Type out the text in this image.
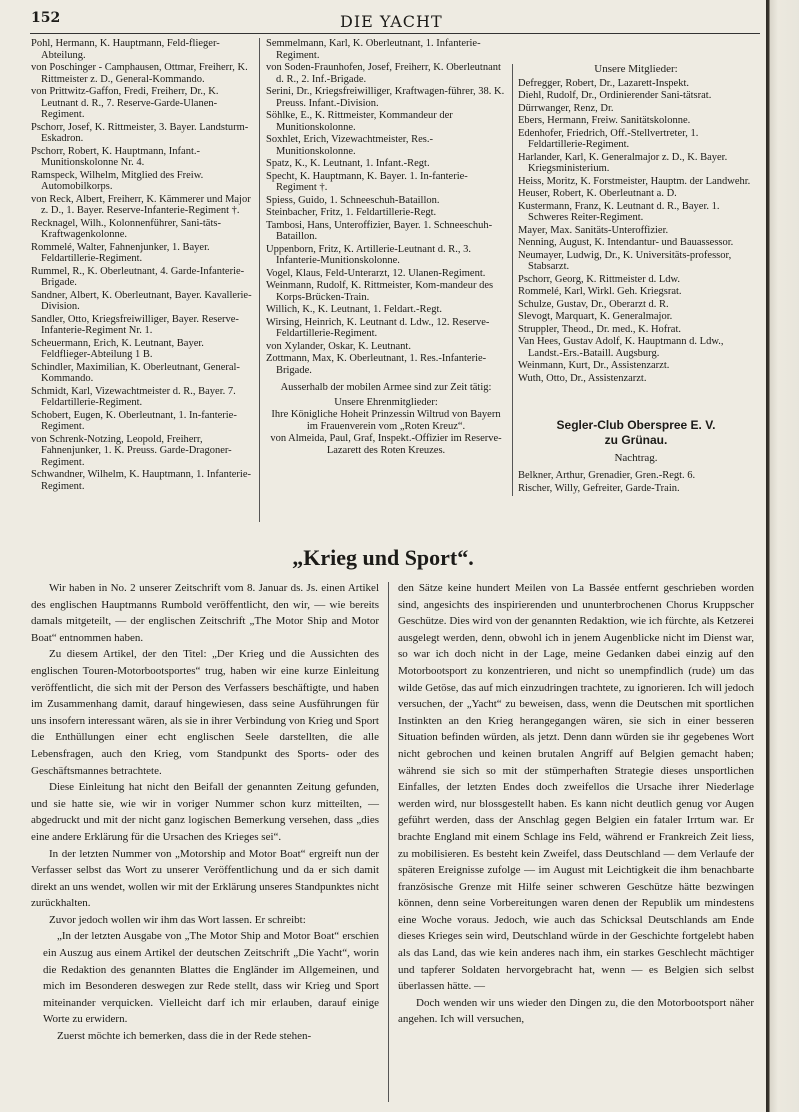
152	DIE YACHT

Pohl, Hermann, K. Hauptmann, Feld-flieger-Abteilung.

von Poschinger - Camphausen, Ottmar, Freiherr, K. Rittmeister z. D., General-Kommando.

von Prittwitz-Gaffon, Fredi, Freiherr, Dr., K. Leutnant d. R., 7. Reserve-Garde-Ulanen-Regiment.

Pschorr, Josef, K. Rittmeister, 3. Bayer. Landsturm-Eskadron.

Pschorr, Robert, K. Hauptmann, Infant.-Munitionskolonne Nr. 4.

Ramspeck, Wilhelm, Mitglied des Freiw. Automobilkorps.

von Reck, Albert, Freiherr, K. Kämmerer und Major z. D., 1. Bayer. Reserve-Infanterie-Regiment †.

Recknagel, Wilh., Kolonnenführer, Sani-täts-Kraftwagenkolonne.

Rommelé, Walter, Fahnenjunker, 1. Bayer. Feldartillerie-Regiment.

Rummel, R., K. Oberleutnant, 4. Garde-Infanterie-Brigade.

Sandner, Albert, K. Oberleutnant, Bayer. Kavallerie-Division.

Sandler, Otto, Kriegsfreiwilliger, Bayer. Reserve-Infanterie-Regiment Nr. 1.

Scheuermann, Erich, K. Leutnant, Bayer. Feldflieger-Abteilung 1 B.

Schindler, Maximilian, K. Oberleutnant, General-Kommando.

Schmidt, Karl, Vizewachtmeister d. R., Bayer. 7. Feldartillerie-Regiment.

Schobert, Eugen, K. Oberleutnant, 1. In-fanterie-Regiment.

von Schrenk-Notzing, Leopold, Freiherr, Fahnenjunker, 1. K. Preuss. Garde-Dragoner-Regiment.

Schwandner, Wilhelm, K. Hauptmann, 1. Infanterie-Regiment.

Semmelmann, Karl, K. Oberleutnant, 1. Infanterie-Regiment.

von Soden-Fraunhofen, Josef, Freiherr, K. Oberleutnant d. R., 2. Inf.-Brigade.

Serini, Dr., Kriegsfreiwilliger, Kraftwagen-führer, 38. K. Preuss. Infant.-Division.

Söhlke, E., K. Rittmeister, Kommandeur der Munitionskolonne.

Soxhlet, Erich, Vizewachtmeister, Res.-Munitionskolonne.

Spatz, K., K. Leutnant, 1. Infant.-Regt.

Specht, K. Hauptmann, K. Bayer. 1. In-fanterie-Regiment †.

Spiess, Guido, 1. Schneeschuh-Bataillon.

Steinbacher, Fritz, 1. Feldartillerie-Regt.

Tambosi, Hans, Unteroffizier, Bayer. 1. Schneeschuh-Bataillon.

Uppenborn, Fritz, K. Artillerie-Leutnant d. R., 3. Infanterie-Munitionskolonne.

Vogel, Klaus, Feld-Unterarzt, 12. Ulanen-Regiment.

Weinmann, Rudolf, K. Rittmeister, Kom-mandeur des Korps-Brücken-Train.

Willich, K., K. Leutnant, 1. Feldart.-Regt.

Wirsing, Heinrich, K. Leutnant d. Ldw., 12. Reserve-Feldartillerie-Regiment.

von Xylander, Oskar, K. Leutnant.

Zottmann, Max, K. Oberleutnant, 1. Res.-Infanterie-Brigade.

Ausserhalb der mobilen Armee sind zur Zeit tätig:

Unsere Ehrenmitglieder:

Ihre Königliche Hoheit Prinzessin Wiltrud von Bayern im Frauenverein vom „Roten Kreuz“.

von Almeida, Paul, Graf, Inspekt.-Offizier im Reserve-Lazarett des Roten Kreuzes.

Unsere Mitglieder:

Defregger, Robert, Dr., Lazarett-Inspekt.

Diehl, Rudolf, Dr., Ordinierender Sani-tätsrat.

Dürrwanger, Renz, Dr.

Ebers, Hermann, Freiw. Sanitätskolonne.

Edenhofer, Friedrich, Off.-Stellvertreter, 1. Feldartillerie-Regiment.

Harlander, Karl, K. Generalmajor z. D., K. Bayer. Kriegsministerium.

Heiss, Moritz, K. Forstmeister, Hauptm. der Landwehr.

Heuser, Robert, K. Oberleutnant a. D.

Kustermann, Franz, K. Leutnant d. R., Bayer. 1. Schweres Reiter-Regiment.

Mayer, Max. Sanitäts-Unteroffizier.

Nenning, August, K. Intendantur- und Bauassessor.

Neumayer, Ludwig, Dr., K. Universitäts-professor, Stabsarzt.

Pschorr, Georg, K. Rittmeister d. Ldw.

Rommelé, Karl, Wirkl. Geh. Kriegsrat.

Schulze, Gustav, Dr., Oberarzt d. R.

Slevogt, Marquart, K. Generalmajor.

Struppler, Theod., Dr. med., K. Hofrat.

Van Hees, Gustav Adolf, K. Hauptmann d. Ldw., Landst.-Ers.-Bataill. Augsburg.

Weinmann, Kurt, Dr., Assistenzarzt.

Wuth, Otto, Dr., Assistenzarzt.

Segler-Club Oberspree E. V.
zu Grünau.
Nachtrag.

Belkner, Arthur, Grenadier, Gren.-Regt. 6.

Rischer, Willy, Gefreiter, Garde-Train.

„Krieg und Sport“.

Wir haben in No. 2 unserer Zeitschrift vom 8. Januar ds. Js. einen Artikel des englischen Hauptmanns Rumbold veröffentlicht, den wir, — wie bereits damals mitgeteilt, — der englischen Zeitschrift „The Motor Ship and Motor Boat“ entnommen haben.

Zu diesem Artikel, der den Titel: „Der Krieg und die Aussichten des englischen Touren-Motorbootsportes“ trug, haben wir eine kurze Einleitung veröffentlicht, die sich mit der Person des Verfassers beschäftigte, und haben im Zusammenhang damit, darauf hingewiesen, dass seine Ausführungen für uns insofern interessant wären, als sie in ihrer Verbindung von Krieg und Sport die Enthüllungen einer echt englischen Seele darstellten, die alle Lebensfragen, auch den Krieg, vom Standpunkt des Sports- oder des Geschäftsmannes betrachtete.

Diese Einleitung hat nicht den Beifall der genannten Zeitung gefunden, und sie hatte sie, wie wir in voriger Nummer schon kurz mitteilten, — abgedruckt und mit der nicht ganz logischen Bemerkung versehen, dass „dies eine andere Erklärung für die Ursachen des Krieges sei“.

In der letzten Nummer von „Motorship and Motor Boat“ ergreift nun der Verfasser selbst das Wort zu unserer Veröffentlichung und da er sich damit direkt an uns wendet, wollen wir mit der Erklärung unseres Standpunktes nicht zurückhalten.

Zuvor jedoch wollen wir ihm das Wort lassen. Er schreibt:

„In der letzten Ausgabe von „The Motor Ship and Motor Boat“ erschien ein Auszug aus einem Artikel der deutschen Zeitschrift „Die Yacht“, worin die Redaktion des genannten Blattes die Engländer im Allgemeinen, und mich im Besonderen deswegen zur Rede stellt, dass wir Krieg und Sport miteinander verquicken. Vielleicht darf ich mir erlauben, darauf einige Worte zu erwidern.

Zuerst möchte ich bemerken, dass die in der Rede stehen-

den Sätze keine hundert Meilen von La Bassée entfernt geschrieben worden sind, angesichts des inspirierenden und ununterbrochenen Chorus Kruppscher Geschütze. Dies wird von der genannten Redaktion, wie ich fürchte, als Ketzerei ausgelegt werden, denn, obwohl ich in jenem Augenblicke nicht im Dienst war, so war ich doch nicht in der Lage, meine Gedanken dabei einzig auf den Motorbootsport zu konzentrieren, und nicht so unempfindlich (rude) um das wilde Getöse, das auf mich einzudringen trachtete, zu ignorieren. Ich will jedoch versuchen, der „Yacht“ zu beweisen, dass, wenn die Deutschen mit sportlichen Instinkten an den Krieg herangegangen wären, sie sich in einer besseren Situation befinden würden, als jetzt. Denn dann würden sie ihr gegebenes Wort nicht gebrochen und keinen brutalen Angriff auf Belgien gemacht haben; während sie sich so mit der stümperhaften Strategie dieses unsportlichen Einfalles, der letzten Endes doch zweifellos die Ursache ihrer Niederlage werden wird, nur blossgestellt haben. Es kann nicht deutlich genug vor Augen geführt werden, dass der Anschlag gegen Belgien ein fataler Irrtum war. Er brachte England mit einem Schlage ins Feld, während er Frankreich Zeit liess, zu mobilisieren. Es besteht kein Zweifel, dass Deutschland — dem Verlaufe der späteren Ereignisse zufolge — im August mit Leichtigkeit die ihm benachbarte französische Grenze mit Hilfe seiner schweren Geschütze hätte bezwingen können, denn seine Vorbereitungen waren denen der Republik um mindestens eine Woche voraus. Jedoch, wie auch das Schicksal Deutschlands am Ende dieses Krieges sein wird, Deutschland würde in der Geschichte fortgelebt haben als das Land, das wie kein anderes nach ihm, ein starkes Geschlecht mächtiger und tapferer Soldaten hervorgebracht hat, wenn — es Belgien sich selbst überlassen hätte. —

Doch wenden wir uns wieder den Dingen zu, die den Motorbootsport näher angehen. Ich will versuchen,
